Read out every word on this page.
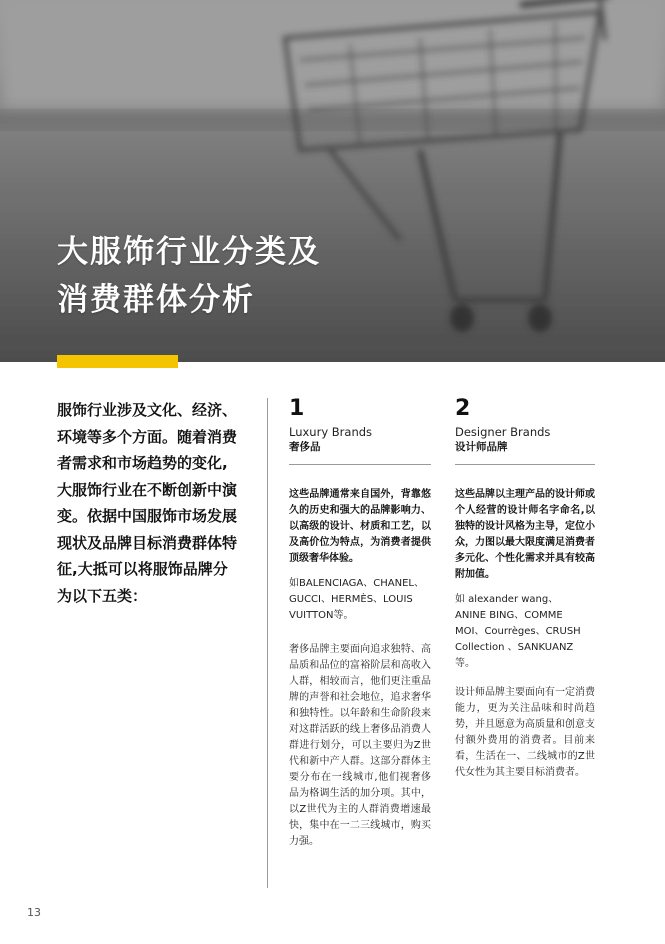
大服饰行业分类及
消费群体分析

服饰行业涉及文化、经济、环境等多个方面。随着消费者需求和市场趋势的变化,大服饰行业在不断创新中演变。依据中国服饰市场发展现状及品牌目标消费群体特征,大抵可以将服饰品牌分为以下五类：

1
Luxury Brands
奢侈品

这些品牌通常来自国外，背靠悠久的历史和强大的品牌影响力、以高级的设计、材质和工艺，以及高价位为特点，为消费者提供顶级奢华体验。

如BALENCIAGA、CHANEL、GUCCI、HERMÈS、LOUIS VUITTON等。

奢侈品牌主要面向追求独特、高品质和品位的富裕阶层和高收入人群，相较而言，他们更注重品牌的声誉和社会地位，追求奢华和独特性。以年龄和生命阶段来对这群活跃的线上奢侈品消费人群进行划分，可以主要归为Z世代和新中产人群。这部分群体主要分布在一线城市,他们视奢侈品为格调生活的加分项。其中，以Z世代为主的人群消费增速最快，集中在一二三线城市，购买力强。

2
Designer Brands
设计师品牌

这些品牌以主理产品的设计师或个人经营的设计师名字命名,以独特的设计风格为主导，定位小众，力图以最大限度满足消费者多元化、个性化需求并具有较高附加值。

如 alexander wang、ANINE BING、COMME MOI、Courrèges、CRUSH Collection 、SANKUANZ等。

设计师品牌主要面向有一定消费能力，更为关注品味和时尚趋势，并且愿意为高质量和创意支付额外费用的消费者。目前来看，生活在一、二线城市的Z世代女性为其主要目标消费者。

13
